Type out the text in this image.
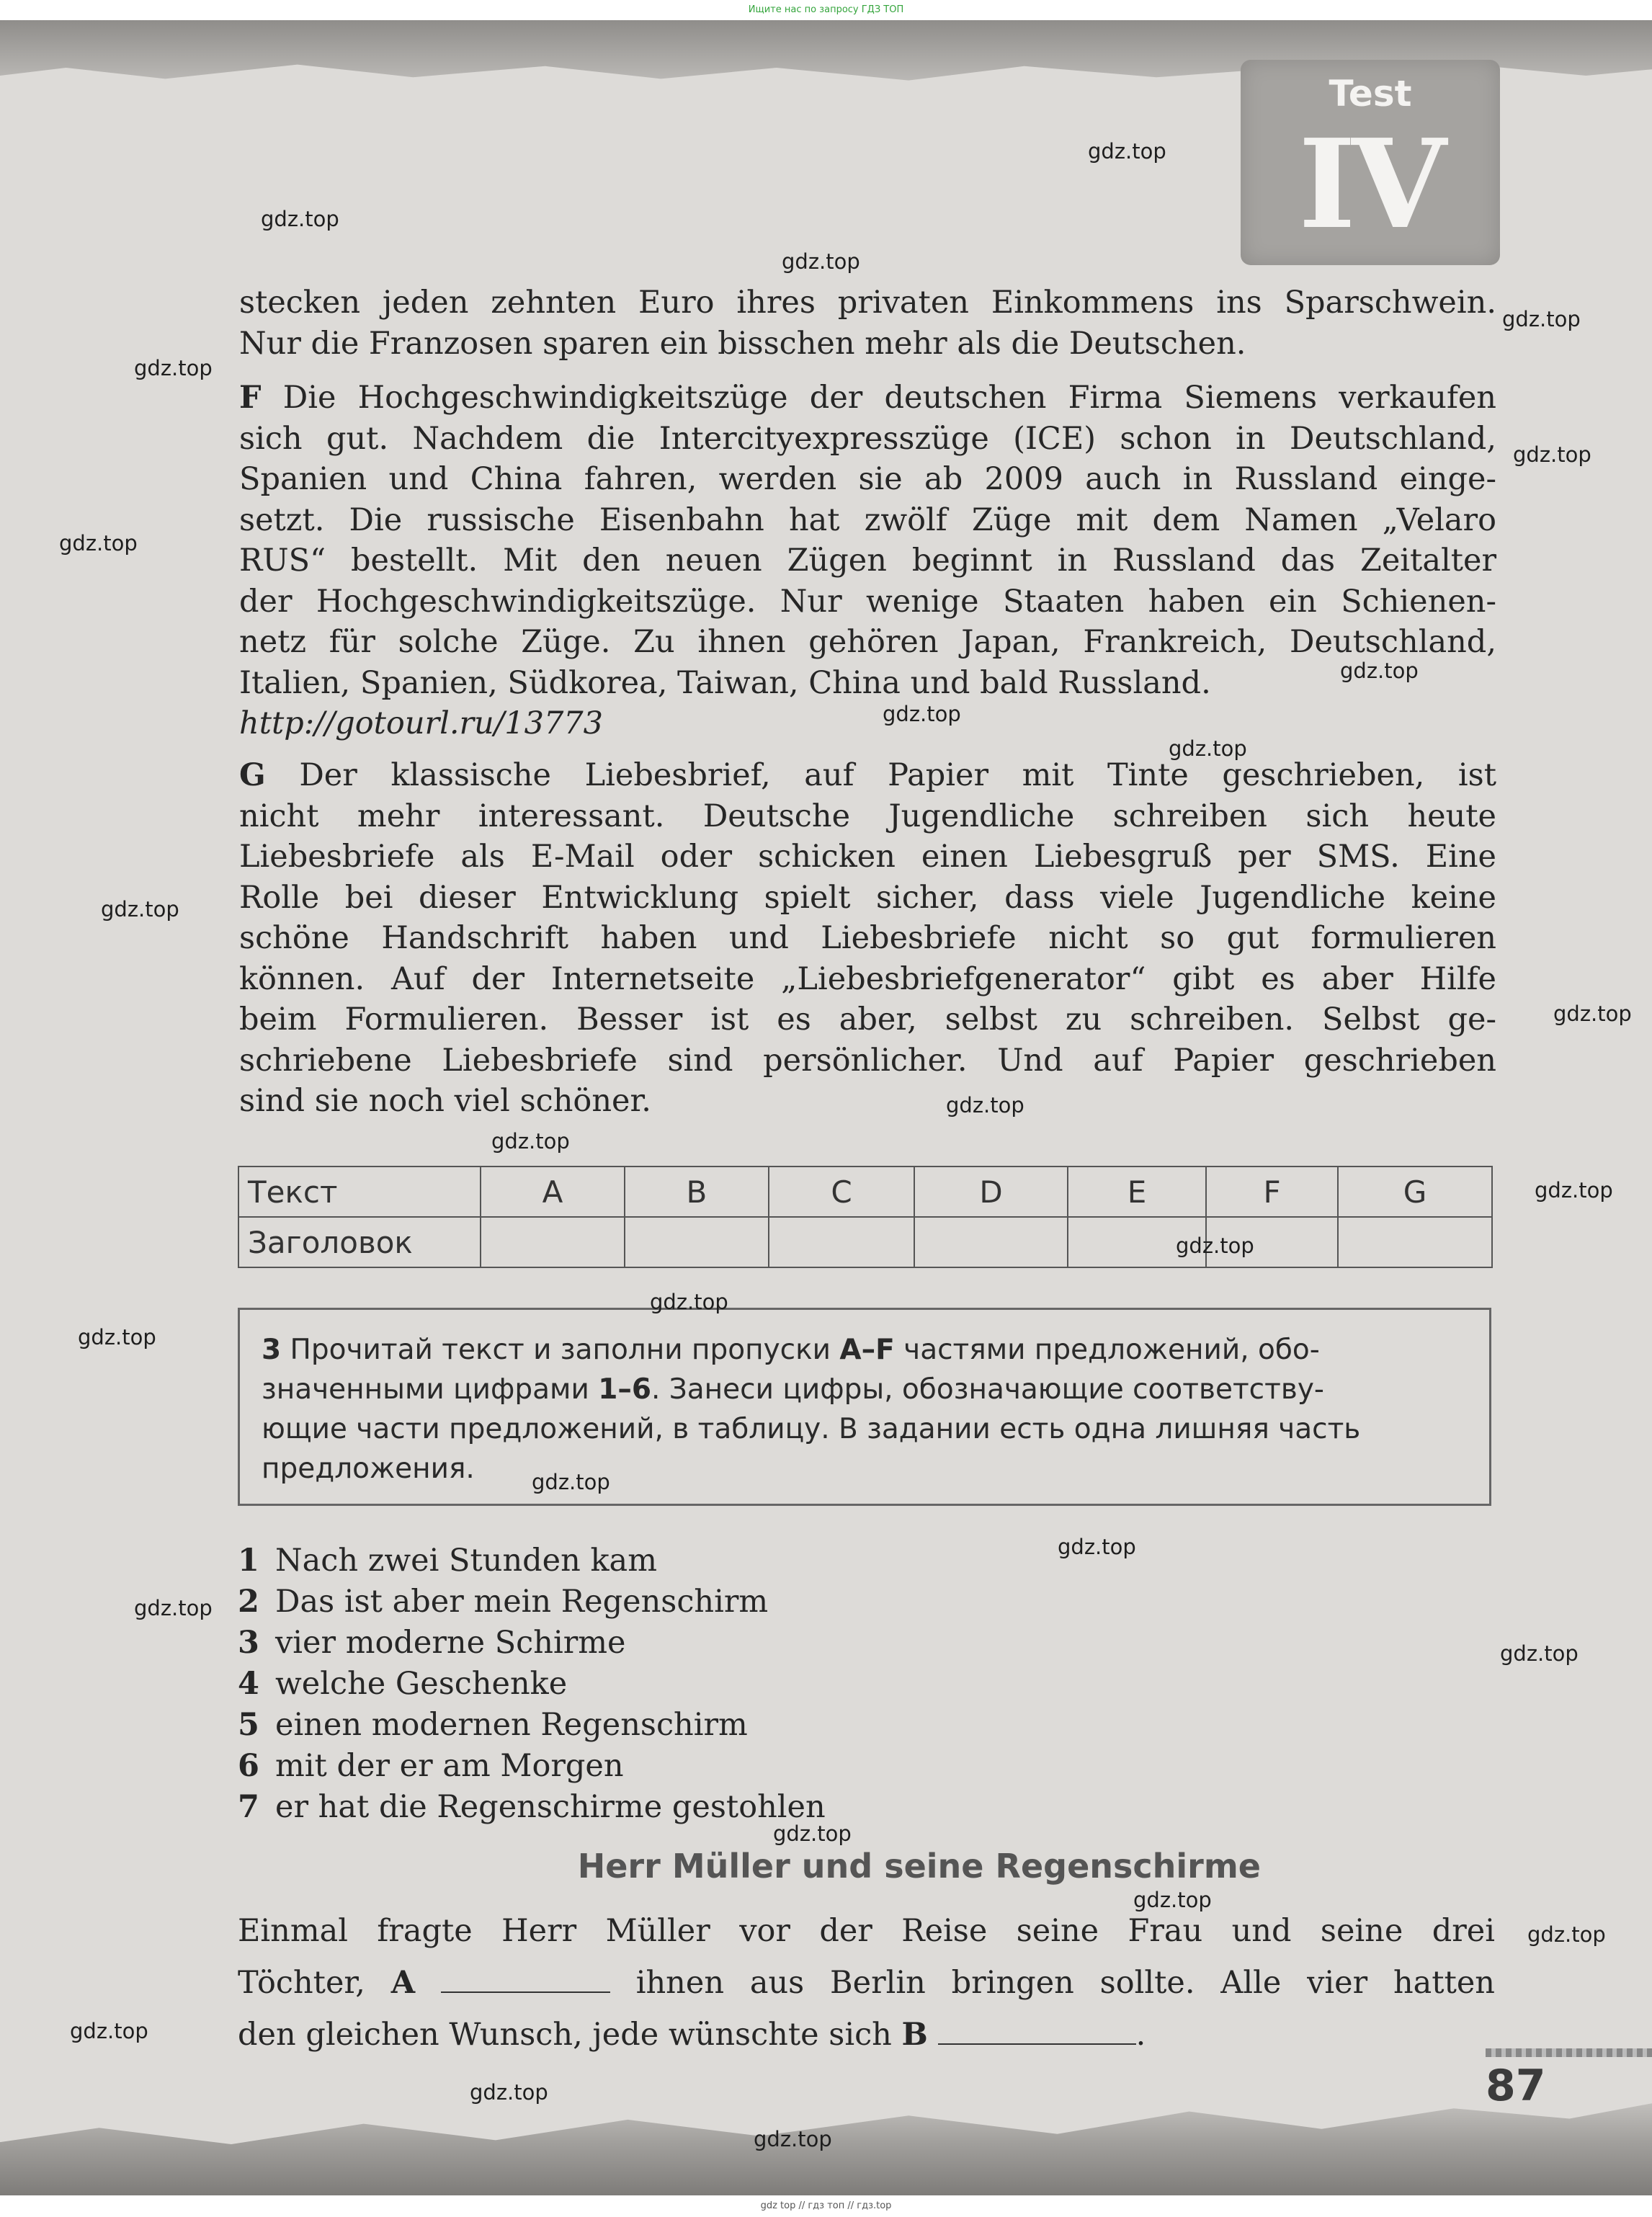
Ищите нас по запросу ГДЗ ТОП
Test
IV
stecken jeden zehnten Euro ihres privaten Einkommens ins Sparschwein.
Nur die Franzosen sparen ein bisschen mehr als die Deutschen.
F Die Hochgeschwindigkeitszüge der deutschen Firma Siemens verkaufen
sich gut. Nachdem die Intercityexpresszüge (ICE) schon in Deutschland,
Spanien und China fahren, werden sie ab 2009 auch in Russland einge-
setzt. Die russische Eisenbahn hat zwölf Züge mit dem Namen „Velaro
RUS“ bestellt. Mit den neuen Zügen beginnt in Russland das Zeitalter
der Hochgeschwindigkeitszüge. Nur wenige Staaten haben ein Schienen-
netz für solche Züge. Zu ihnen gehören Japan, Frankreich, Deutschland,
Italien, Spanien, Südkorea, Taiwan, China und bald Russland.
http://gotourl.ru/13773
G Der klassische Liebesbrief, auf Papier mit Tinte geschrieben, ist
nicht mehr interessant. Deutsche Jugendliche schreiben sich heute
Liebesbriefe als E-Mail oder schicken einen Liebesgruß per SMS. Eine
Rolle bei dieser Entwicklung spielt sicher, dass viele Jugendliche keine
schöne Handschrift haben und Liebesbriefe nicht so gut formulieren
können. Auf der Internetseite „Liebesbriefgenerator“ gibt es aber Hilfe
beim Formulieren. Besser ist es aber, selbst zu schreiben. Selbst ge-
schriebene Liebesbriefe sind persönlicher. Und auf Papier geschrieben
sind sie noch viel schöner.
Текст	A	B	C	D	E	F	G
Заголовок							
3 Прочитай текст и заполни пропуски A–F частями предложений, обо-
значенными цифрами 1–6. Занеси цифры, обозначающие соответству-
ющие части предложений, в таблицу. В задании есть одна лишняя часть
предложения.
1 Nach zwei Stunden kam
2 Das ist aber mein Regenschirm
3 vier moderne Schirme
4 welche Geschenke
5 einen modernen Regenschirm
6 mit der er am Morgen
7 er hat die Regenschirme gestohlen
Herr Müller und seine Regenschirme
Einmal fragte Herr Müller vor der Reise seine Frau und seine drei
Töchter, A	ihnen aus Berlin bringen sollte. Alle vier hatten
den gleichen Wunsch, jede wünschte sich B	.
87
gdz.top
gdz.top
gdz.top
gdz.top
gdz.top
gdz.top
gdz.top
gdz.top
gdz.top
gdz.top
gdz.top
gdz.top
gdz.top
gdz.top
gdz.top
gdz.top
gdz.top
gdz.top
gdz.top
gdz.top
gdz.top
gdz.top
gdz.top
gdz.top
gdz.top
gdz.top
gdz.top
gdz.top
gdz top // гдз топ // гдз.top
